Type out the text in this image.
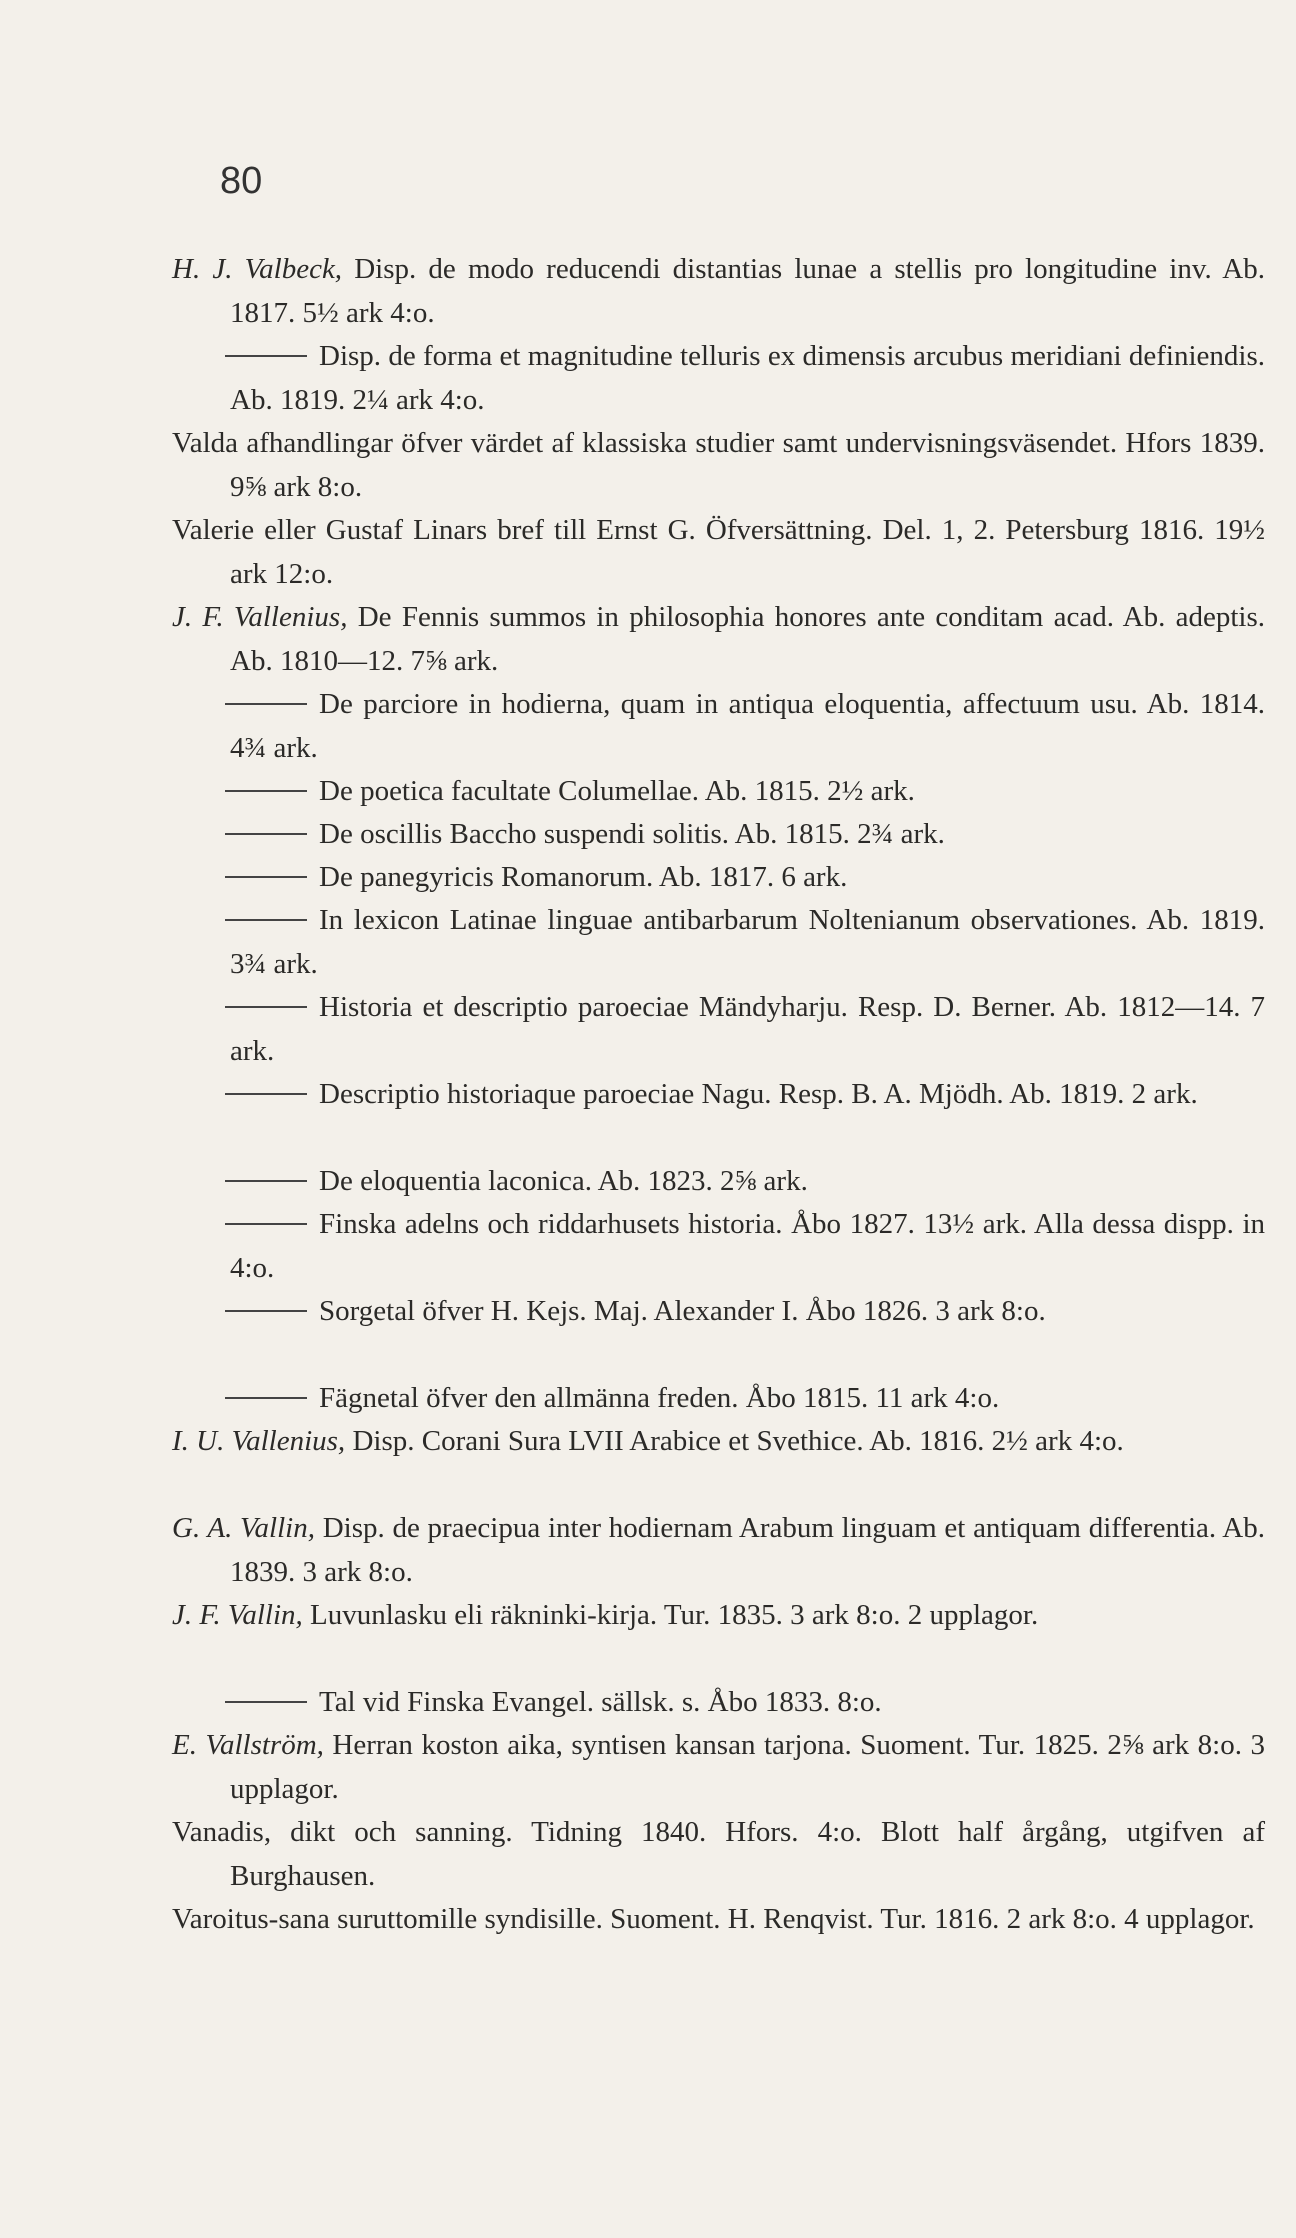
80
H. J. Valbeck, Disp. de modo reducendi distantias lunae a stellis pro longitudine inv. Ab. 1817. 5½ ark 4:o.
Disp. de forma et magnitudine telluris ex dimensis arcubus meridiani definiendis. Ab. 1819. 2¼ ark 4:o.
Valda afhandlingar öfver värdet af klassiska studier samt undervisningsväsendet. Hfors 1839. 9⅝ ark 8:o.
Valerie eller Gustaf Linars bref till Ernst G. Öfversättning. Del. 1, 2. Petersburg 1816. 19½ ark 12:o.
J. F. Vallenius, De Fennis summos in philosophia honores ante conditam acad. Ab. adeptis. Ab. 1810—12. 7⅝ ark.
De parciore in hodierna, quam in antiqua eloquentia, affectuum usu. Ab. 1814. 4¾ ark.
De poetica facultate Columellae. Ab. 1815. 2½ ark.
De oscillis Baccho suspendi solitis. Ab. 1815. 2¾ ark.
De panegyricis Romanorum. Ab. 1817. 6 ark.
In lexicon Latinae linguae antibarbarum Noltenianum observationes. Ab. 1819. 3¾ ark.
Historia et descriptio paroeciae Mändyharju. Resp. D. Berner. Ab. 1812—14. 7 ark.
Descriptio historiaque paroeciae Nagu. Resp. B. A. Mjödh. Ab. 1819. 2 ark.
De eloquentia laconica. Ab. 1823. 2⅝ ark.
Finska adelns och riddarhusets historia. Åbo 1827. 13½ ark. Alla dessa dispp. in 4:o.
Sorgetal öfver H. Kejs. Maj. Alexander I. Åbo 1826. 3 ark 8:o.
Fägnetal öfver den allmänna freden. Åbo 1815. 11 ark 4:o.
I. U. Vallenius, Disp. Corani Sura LVII Arabice et Svethice. Ab. 1816. 2½ ark 4:o.
G. A. Vallin, Disp. de praecipua inter hodiernam Arabum linguam et antiquam differentia. Ab. 1839. 3 ark 8:o.
J. F. Vallin, Luvunlasku eli räkninki-kirja. Tur. 1835. 3 ark 8:o. 2 upplagor.
Tal vid Finska Evangel. sällsk. s. Åbo 1833. 8:o.
E. Vallström, Herran koston aika, syntisen kansan tarjona. Suoment. Tur. 1825. 2⅝ ark 8:o. 3 upplagor.
Vanadis, dikt och sanning. Tidning 1840. Hfors. 4:o. Blott half årgång, utgifven af Burghausen.
Varoitus-sana suruttomille syndisille. Suoment. H. Renqvist. Tur. 1816. 2 ark 8:o. 4 upplagor.
